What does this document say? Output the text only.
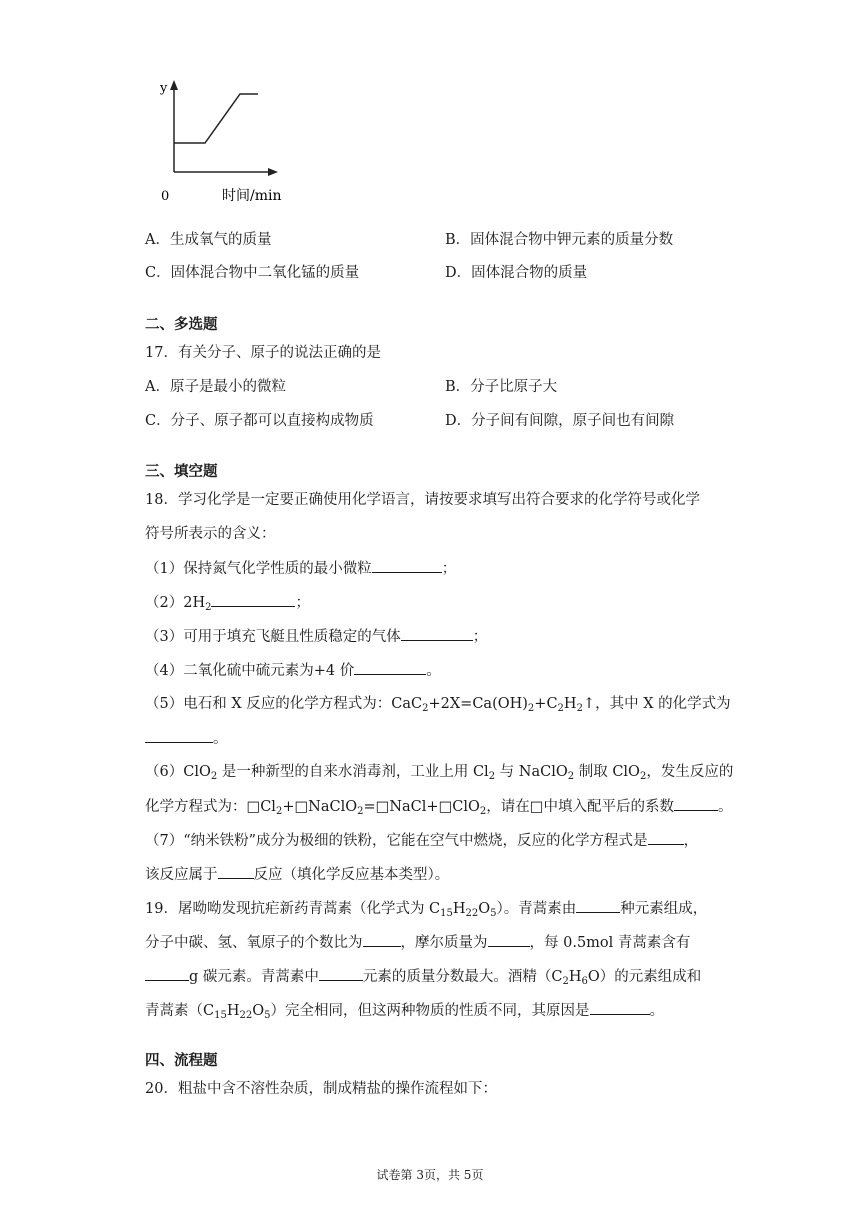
y
0	时间/min
A．生成氧气的质量	B．固体混合物中钾元素的质量分数
C．固体混合物中二氧化锰的质量	D．固体混合物的质量
二、多选题
17．有关分子、原子的说法正确的是
A．原子是最小的微粒	B．分子比原子大
C．分子、原子都可以直接构成物质	D．分子间有间隙，原子间也有间隙
三、填空题
18．学习化学是一定要正确使用化学语言，请按要求填写出符合要求的化学符号或化学
符号所表示的含义：
（1）保持氮气化学性质的最小微粒	；
$(2)2H_2$	；
（3）可用于填充飞艇且性质稳定的气体	；
（4）二氧化硫中硫元素为+4 价	。
（5）电石和 X 反应的化学方程式为：$CaC_2+2X=Ca(OH)_2+C_2H_2↑$，其中 X 的化学式为
。
（6）ClO$_2$ 是一种新型的自来水消毒剂，工业上用 $Cl_2$ 与 NaClO$_2$ 制取 ClO$_2$，发生反应的
化学方程式为：$□Cl_2+□NaClO_2=□NaCl+□ClO_2$，请在□中填入配平后的系数	。
（7）“纳米铁粉”成分为极细的铁粉，它能在空气中燃烧，反应的化学方程式是 ，
该反应属于 反应（填化学反应基本类型）。
19．屠呦呦发现抗疟新药青蒿素（化学式为 $C_{15}H_{22}O_5$）。青蒿素由	种元素组成，
分子中碳、氢、氧原子的个数比为	，摩尔质量为	，每 0.5mol 青蒿素含有
g 碳元素。青蒿素中	元素的质量分数最大。酒精$(C_2H_6O)$的元素组成和
青蒿素$(C_{15}H_{22}O_5)$完全相同，但这两种物质的性质不同，其原因是	。
四、流程题
20．粗盐中含不溶性杂质，制成精盐的操作流程如下：
试卷第 3页，共 5页
